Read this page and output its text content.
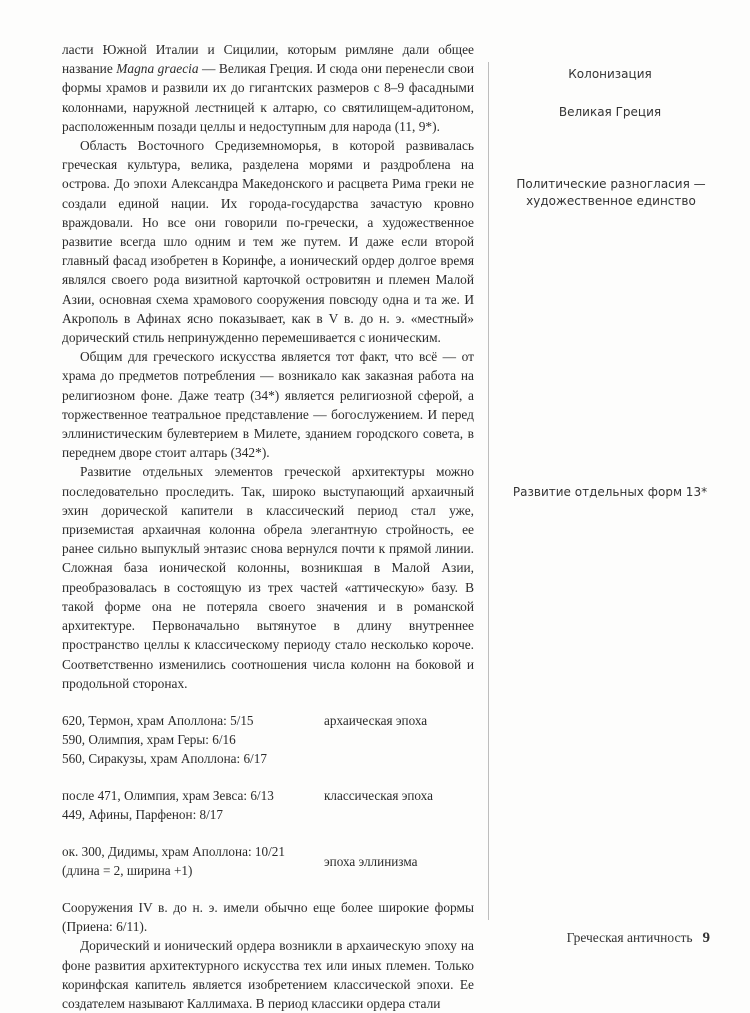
ласти Южной Италии и Сицилии, которым римляне дали общее название Magna graecia — Великая Греция. И сюда они перенесли свои формы храмов и развили их до гигантских размеров с 8–9 фасадными колоннами, наружной лестницей к алтарю, со святилищем-адитоном, расположенным позади целлы и недоступным для народа (11, 9*).

Область Восточного Средиземноморья, в которой развивалась греческая культура, велика, разделена морями и раздроблена на острова. До эпохи Александра Македонского и расцвета Рима греки не создали единой нации. Их города-государства зачастую кровно враждовали. Но все они говорили по-гречески, а художественное развитие всегда шло одним и тем же путем. И даже если второй главный фасад изобретен в Коринфе, а ионический ордер долгое время являлся своего рода визитной карточкой островитян и племен Малой Азии, основная схема храмового сооружения повсюду одна и та же. И Акрополь в Афинах ясно показывает, как в V в. до н. э. «местный» дорический стиль непринужденно перемешивается с ионическим.

Общим для греческого искусства является тот факт, что всё — от храма до предметов потребления — возникало как заказная работа на религиозном фоне. Даже театр (34*) является религиозной сферой, а торжественное театральное представление — богослужением. И перед эллинистическим булевтерием в Милете, зданием городского совета, в переднем дворе стоит алтарь (342*).

Развитие отдельных элементов греческой архитектуры можно последовательно проследить. Так, широко выступающий архаичный эхин дорической капители в классический период стал уже, приземистая архаичная колонна обрела элегантную стройность, ее ранее сильно выпуклый энтазис снова вернулся почти к прямой линии. Сложная база ионической колонны, возникшая в Малой Азии, преобразовалась в состоящую из трех частей «аттическую» базу. В такой форме она не потеряла своего значения и в романской архитектуре. Первоначально вытянутое в длину внутреннее пространство целлы к классическому периоду стало несколько короче. Соответственно изменились соотношения числа колонн на боковой и продольной сторонах.

620, Термон, храм Аполлона: 5/15
590, Олимпия, храм Геры: 6/16
560, Сиракузы, храм Аполлона: 6/17
архаическая эпоха
после 471, Олимпия, храм Зевса: 6/13
449, Афины, Парфенон: 8/17
классическая эпоха
ок. 300, Дидимы, храм Аполлона: 10/21
(длина = 2, ширина +1)
эпоха эллинизма

Сооружения IV в. до н. э. имели обычно еще более широкие формы (Приена: 6/11).

Дорический и ионический ордера возникли в архаическую эпоху на фоне развития архитектурного искусства тех или иных племен. Только коринфская капитель является изобретением классической эпохи. Ее создателем называют Каллимаха. В период классики ордера стали

Колонизация
Великая Греция
Политические разногласия — художественное единство
Развитие отдельных форм 13*
Греческая античность 9
